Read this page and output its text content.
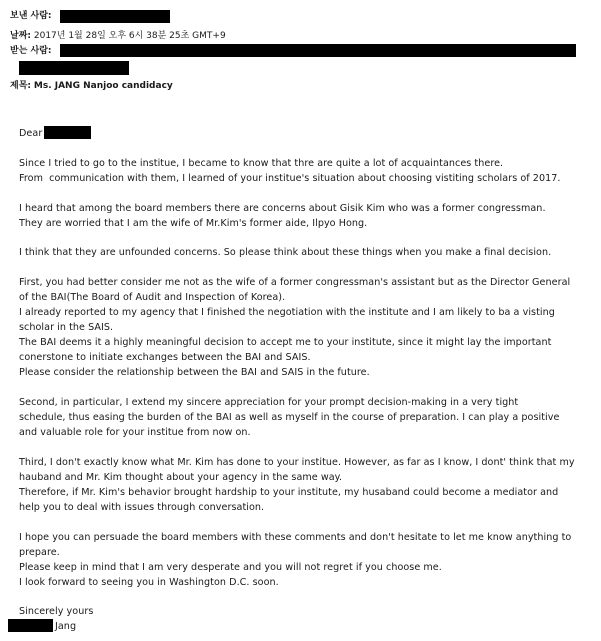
보낸 사람:
날짜: 2017년 1월 28일 오후 6시 38분 25초 GMT+9
받는 사람:
제목: Ms. JANG Nanjoo candidacy
Dear
Since I tried to go to the institue, I became to know that thre are quite a lot of acquaintances there.
From  communication with them, I learned of your institue's situation about choosing vistiting scholars of 2017.
I heard that among the board members there are concerns about Gisik Kim who was a former congressman.
They are worried that I am the wife of Mr.Kim's former aide, Ilpyo Hong.
I think that they are unfounded concerns. So please think about these things when you make a final decision.
First, you had better consider me not as the wife of a former congressman's assistant but as the Director General
of the BAI(The Board of Audit and Inspection of Korea).
I already reported to my agency that I finished the negotiation with the institute and I am likely to ba a visting
scholar in the SAIS.
The BAI deems it a highly meaningful decision to accept me to your institute, since it might lay the important
conerstone to initiate exchanges between the BAI and SAIS.
Please consider the relationship between the BAI and SAIS in the future.
Second, in particular, I extend my sincere appreciation for your prompt decision-making in a very tight
schedule, thus easing the burden of the BAI as well as myself in the course of preparation. I can play a positive
and valuable role for your institue from now on.
Third, I don't exactly know what Mr. Kim has done to your institue. However, as far as I know, I dont' think that my
hauband and Mr. Kim thought about your agency in the same way.
Therefore, if Mr. Kim's behavior brought hardship to your institute, my husaband could become a mediator and
help you to deal with issues through conversation.
I hope you can persuade the board members with these comments and don't hesitate to let me know anything to
prepare.
Please keep in mind that I am very desperate and you will not regret if you choose me.
I look forward to seeing you in Washington D.C. soon.
Sincerely yours
Jang
